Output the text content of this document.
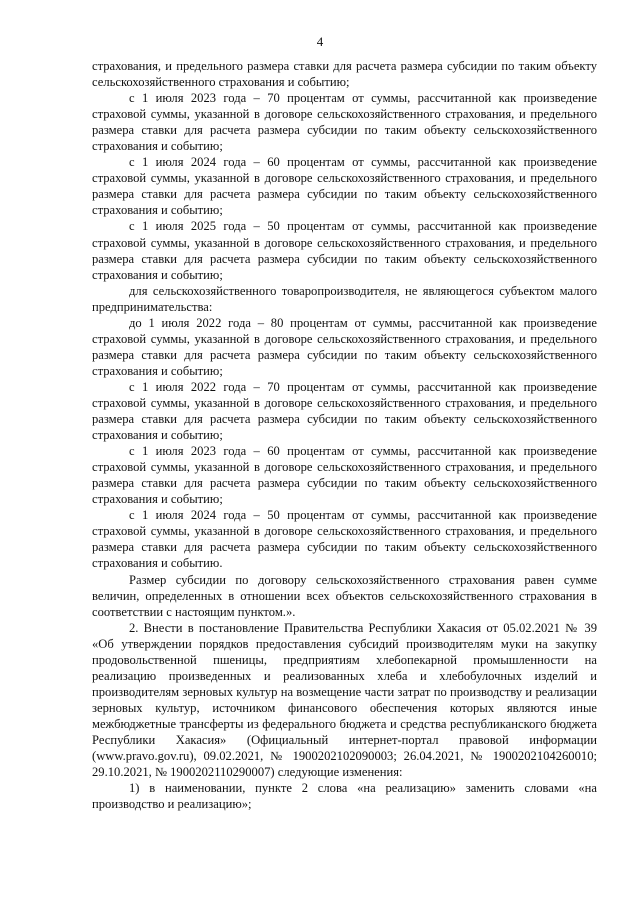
4

страхования, и предельного размера ставки для расчета размера субсидии по таким объекту сельскохозяйственного страхования и событию;

с 1 июля 2023 года – 70 процентам от суммы, рассчитанной как произведение страховой суммы, указанной в договоре сельскохозяйственного страхования, и предельного размера ставки для расчета размера субсидии по таким объекту сельскохозяйственного страхования и событию;

с 1 июля 2024 года – 60 процентам от суммы, рассчитанной как произведение страховой суммы, указанной в договоре сельскохозяйственного страхования, и предельного размера ставки для расчета размера субсидии по таким объекту сельскохозяйственного страхования и событию;

с 1 июля 2025 года – 50 процентам от суммы, рассчитанной как произведение страховой суммы, указанной в договоре сельскохозяйственного страхования, и предельного размера ставки для расчета размера субсидии по таким объекту сельскохозяйственного страхования и событию;

для сельскохозяйственного товаропроизводителя, не являющегося субъектом малого предпринимательства:

до 1 июля 2022 года – 80 процентам от суммы, рассчитанной как произведение страховой суммы, указанной в договоре сельскохозяйственного страхования, и предельного размера ставки для расчета размера субсидии по таким объекту сельскохозяйственного страхования и событию;

с 1 июля 2022 года – 70 процентам от суммы, рассчитанной как произведение страховой суммы, указанной в договоре сельскохозяйственного страхования, и предельного размера ставки для расчета размера субсидии по таким объекту сельскохозяйственного страхования и событию;

с 1 июля 2023 года – 60 процентам от суммы, рассчитанной как произведение страховой суммы, указанной в договоре сельскохозяйственного страхования, и предельного размера ставки для расчета размера субсидии по таким объекту сельскохозяйственного страхования и событию;

с 1 июля 2024 года – 50 процентам от суммы, рассчитанной как произведение страховой суммы, указанной в договоре сельскохозяйственного страхования, и предельного размера ставки для расчета размера субсидии по таким объекту сельскохозяйственного страхования и событию.

Размер субсидии по договору сельскохозяйственного страхования равен сумме величин, определенных в отношении всех объектов сельскохозяйственного страхования в соответствии с настоящим пунктом.».

2. Внести в постановление Правительства Республики Хакасия от 05.02.2021 № 39 «Об утверждении порядков предоставления субсидий производителям муки на закупку продовольственной пшеницы, предприятиям хлебопекарной промышленности на реализацию произведенных и реализованных хлеба и хлебобулочных изделий и производителям зерновых культур на возмещение части затрат по производству и реализации зерновых культур, источником финансового обеспечения которых являются иные межбюджетные трансферты из федерального бюджета и средства республиканского бюджета Республики Хакасия» (Официальный интернет-портал правовой информации (www.pravo.gov.ru), 09.02.2021, № 1900202102090003; 26.04.2021, № 1900202104260010; 29.10.2021, № 1900202110290007) следующие изменения:

1) в наименовании, пункте 2 слова «на реализацию» заменить словами «на производство и реализацию»;
